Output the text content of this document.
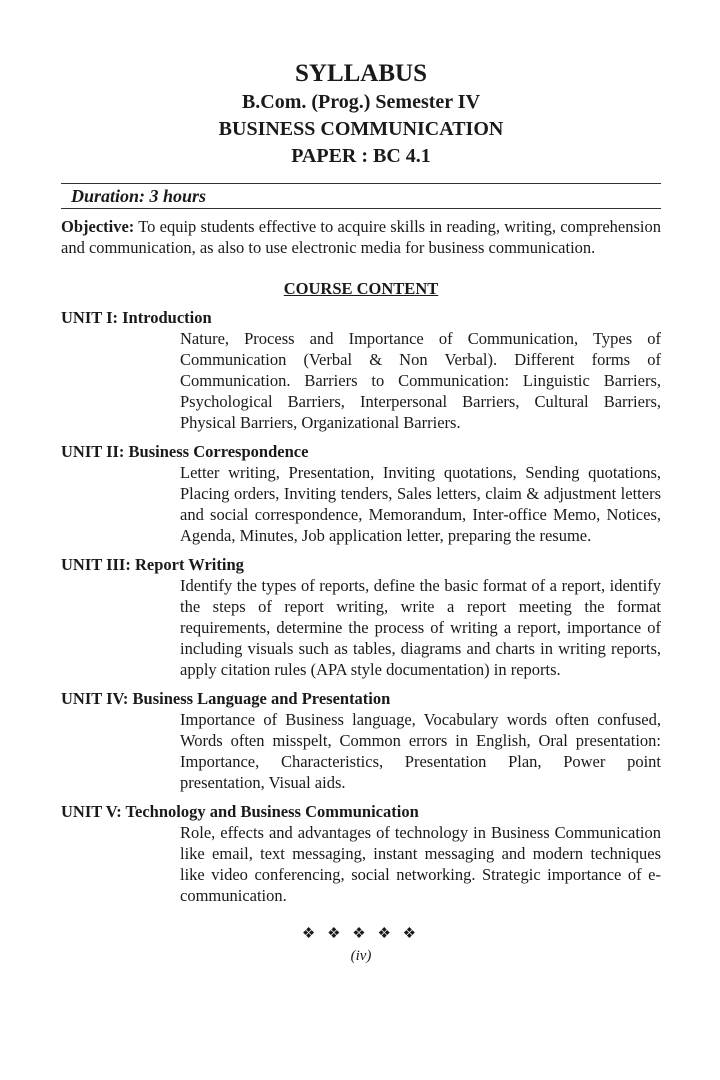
SYLLABUS
B.Com. (Prog.) Semester IV
BUSINESS COMMUNICATION
PAPER : BC 4.1
Duration: 3 hours
Objective: To equip students effective to acquire skills in reading, writing, comprehension and communication, as also to use electronic media for business communication.
COURSE CONTENT
UNIT I: Introduction
Nature, Process and Importance of Communication, Types of Communication (Verbal & Non Verbal). Different forms of Communication. Barriers to Communication: Linguistic Barriers, Psychological Barriers, Interpersonal Barriers, Cultural Barriers, Physical Barriers, Organizational Barriers.
UNIT II: Business Correspondence
Letter writing, Presentation, Inviting quotations, Sending quotations, Placing orders, Inviting tenders, Sales letters, claim & adjustment letters and social correspondence, Memorandum, Inter-office Memo, Notices, Agenda, Minutes, Job application letter, preparing the resume.
UNIT III: Report Writing
Identify the types of reports, define the basic format of a report, identify the steps of report writing, write a report meeting the format requirements, determine the process of writing a report, importance of including visuals such as tables, diagrams and charts in writing reports, apply citation rules (APA style documentation) in reports.
UNIT IV: Business Language and Presentation
Importance of Business language, Vocabulary words often confused, Words often misspelt, Common errors in English, Oral presentation: Importance, Characteristics, Presentation Plan, Power point presentation, Visual aids.
UNIT V: Technology and Business Communication
Role, effects and advantages of technology in Business Communication like email, text messaging, instant messaging and modern techniques like video conferencing, social networking. Strategic importance of e-communication.
❖ ❖ ❖ ❖ ❖
(iv)
